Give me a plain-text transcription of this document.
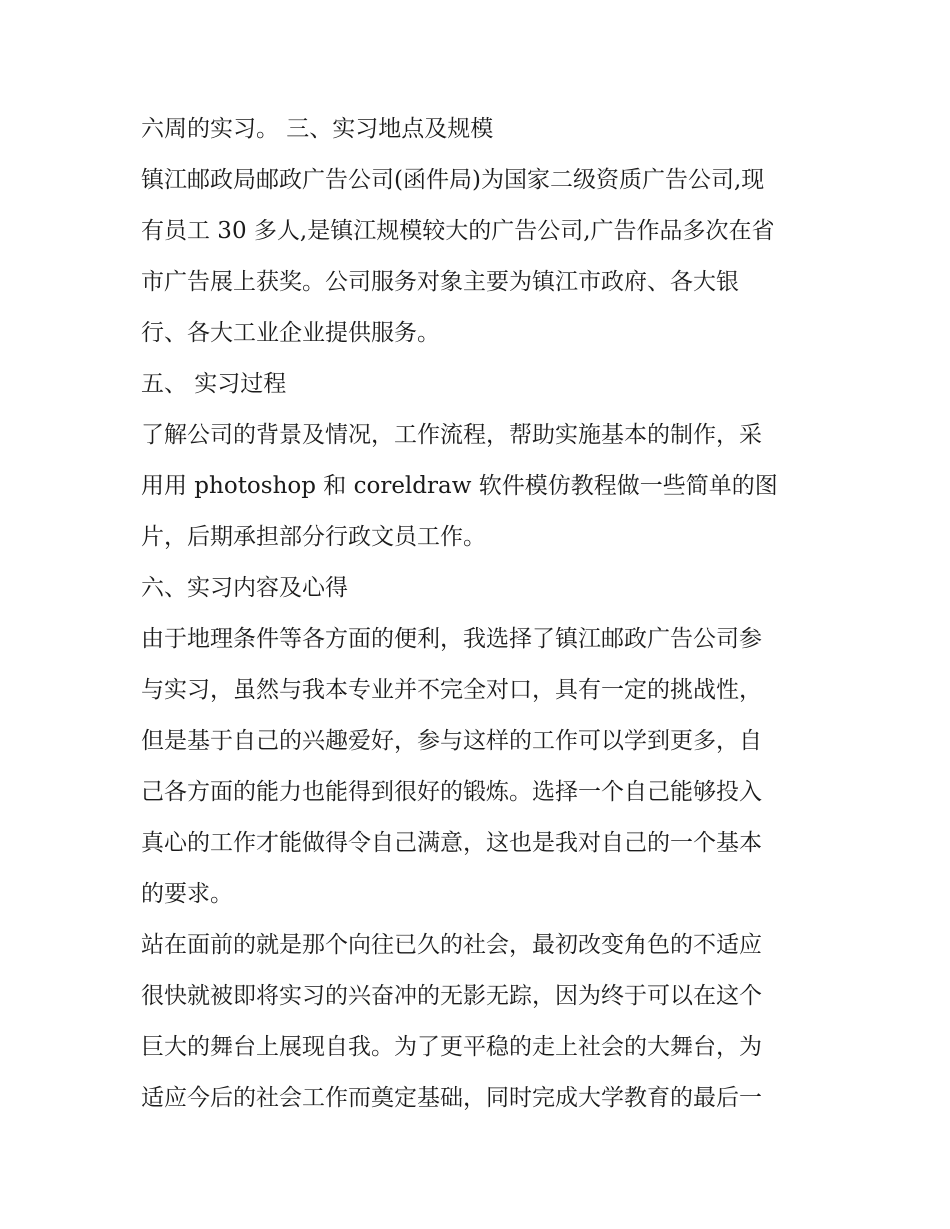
六周的实习。 三、实习地点及规模
镇江邮政局邮政广告公司(函件局)为国家二级资质广告公司,现
有员工 30 多人,是镇江规模较大的广告公司,广告作品多次在省
市广告展上获奖。公司服务对象主要为镇江市政府、各大银
行、各大工业企业提供服务。
五、 实习过程
了解公司的背景及情况，工作流程，帮助实施基本的制作，采
用用 photoshop 和 coreldraw 软件模仿教程做一些简单的图
片，后期承担部分行政文员工作。
六、实习内容及心得
由于地理条件等各方面的便利，我选择了镇江邮政广告公司参
与实习，虽然与我本专业并不完全对口，具有一定的挑战性，
但是基于自己的兴趣爱好，参与这样的工作可以学到更多，自
己各方面的能力也能得到很好的锻炼。选择一个自己能够投入
真心的工作才能做得令自己满意，这也是我对自己的一个基本
的要求。
站在面前的就是那个向往已久的社会，最初改变角色的不适应
很快就被即将实习的兴奋冲的无影无踪，因为终于可以在这个
巨大的舞台上展现自我。为了更平稳的走上社会的大舞台，为
适应今后的社会工作而奠定基础，同时完成大学教育的最后一
